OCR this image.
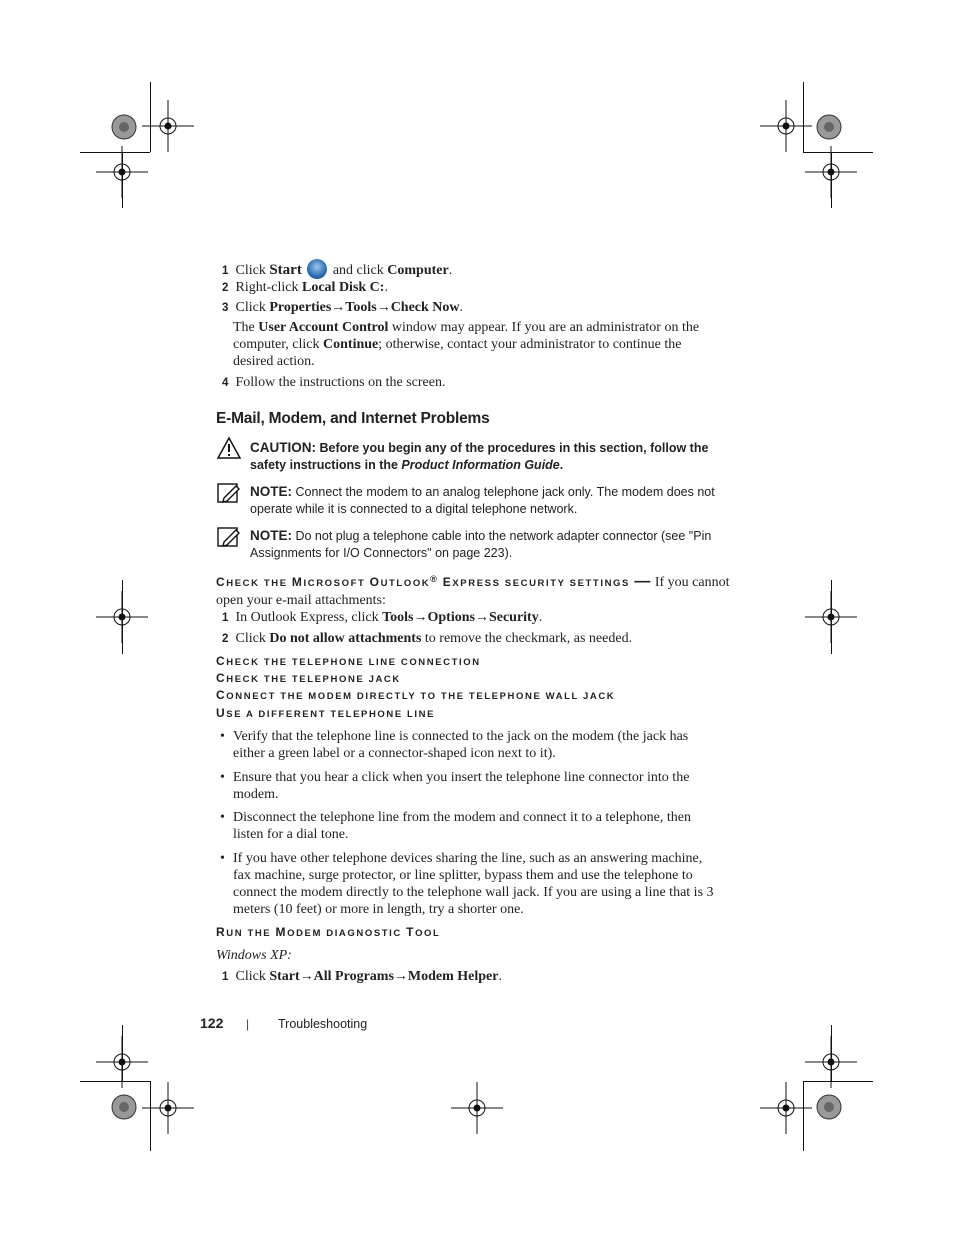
1 Click Start  and click Computer.
2 Right-click Local Disk C:.
3 Click Properties→Tools→Check Now.
The User Account Control window may appear. If you are an administrator on the
computer, click Continue; otherwise, contact your administrator to continue the
desired action.
4 Follow the instructions on the screen.
E-Mail, Modem, and Internet Problems
CAUTION: Before you begin any of the procedures in this section, follow the
safety instructions in the Product Information Guide.
NOTE: Connect the modem to an analog telephone jack only. The modem does not
operate while it is connected to a digital telephone network.
NOTE: Do not plug a telephone cable into the network adapter connector (see "Pin
Assignments for I/O Connectors" on page 223).
CHECK THE MICROSOFT OUTLOOK® EXPRESS SECURITY SETTINGS — If you cannot
open your e-mail attachments:
1 In Outlook Express, click Tools→Options→Security.
2 Click Do not allow attachments to remove the checkmark, as needed.
CHECK THE TELEPHONE LINE CONNECTION
CHECK THE TELEPHONE JACK
CONNECT THE MODEM DIRECTLY TO THE TELEPHONE WALL JACK
USE A DIFFERENT TELEPHONE LINE
• Verify that the telephone line is connected to the jack on the modem (the jack has
either a green label or a connector-shaped icon next to it).
• Ensure that you hear a click when you insert the telephone line connector into the
modem.
• Disconnect the telephone line from the modem and connect it to a telephone, then
listen for a dial tone.
• If you have other telephone devices sharing the line, such as an answering machine,
fax machine, surge protector, or line splitter, bypass them and use the telephone to
connect the modem directly to the telephone wall jack. If you are using a line that is 3
meters (10 feet) or more in length, try a shorter one.
RUN THE MODEM DIAGNOSTIC TOOL
Windows XP:
1 Click Start→All Programs→Modem Helper.
122 | Troubleshooting
